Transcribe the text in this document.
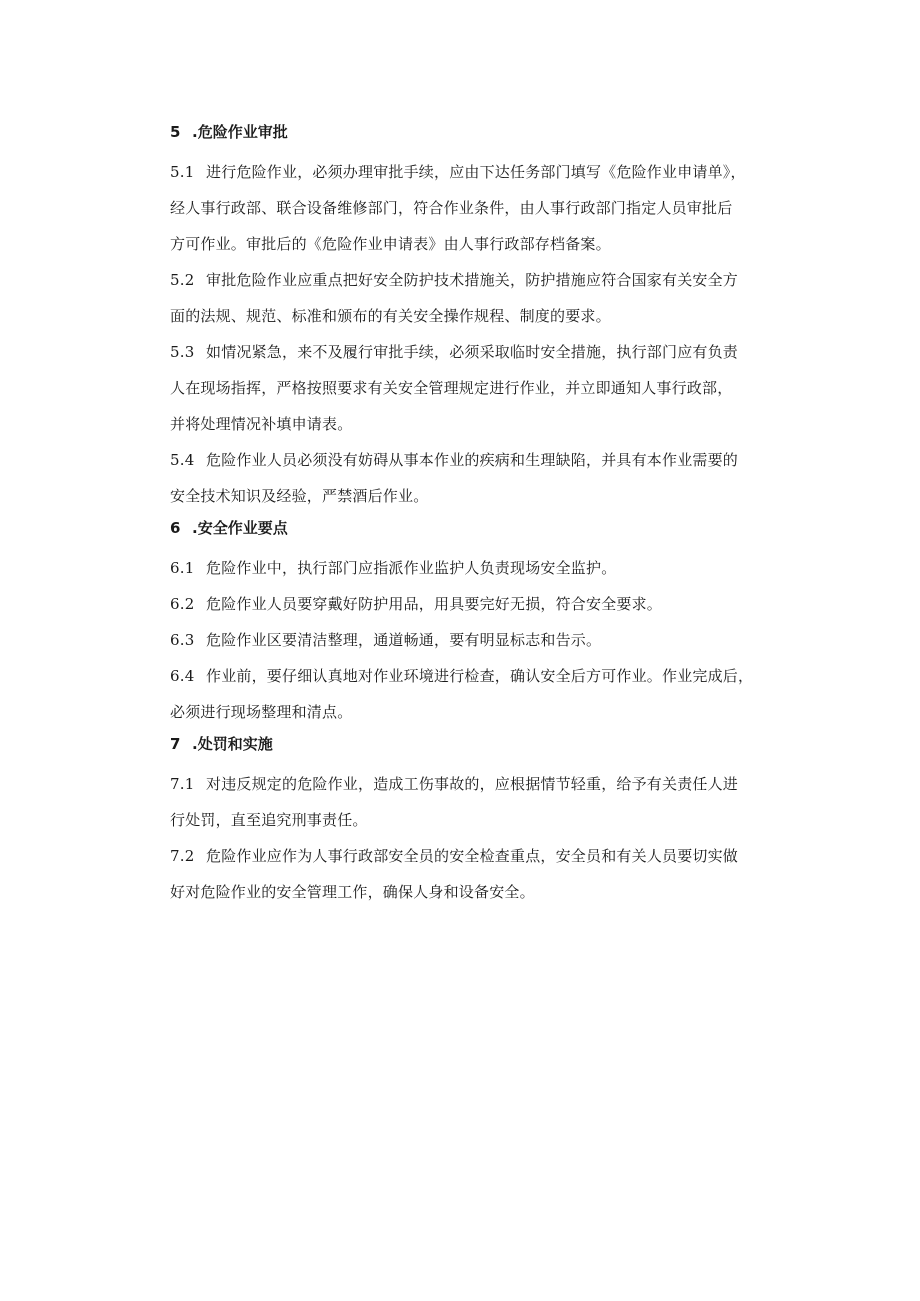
5 .危险作业审批
5.1 进行危险作业，必须办理审批手续，应由下达任务部门填写《危险作业申请单》，
经人事行政部、联合设备维修部门，符合作业条件，由人事行政部门指定人员审批后
方可作业。审批后的《危险作业申请表》由人事行政部存档备案。
5.2 审批危险作业应重点把好安全防护技术措施关，防护措施应符合国家有关安全方
面的法规、规范、标准和颁布的有关安全操作规程、制度的要求。
5.3 如情况紧急，来不及履行审批手续，必须采取临时安全措施，执行部门应有负责
人在现场指挥，严格按照要求有关安全管理规定进行作业，并立即通知人事行政部，
并将处理情况补填申请表。
5.4 危险作业人员必须没有妨碍从事本作业的疾病和生理缺陷，并具有本作业需要的
安全技术知识及经验，严禁酒后作业。
6 .安全作业要点
6.1 危险作业中，执行部门应指派作业监护人负责现场安全监护。
6.2 危险作业人员要穿戴好防护用品，用具要完好无损，符合安全要求。
6.3 危险作业区要清洁整理，通道畅通，要有明显标志和告示。
6.4 作业前，要仔细认真地对作业环境进行检查，确认安全后方可作业。作业完成后，
必须进行现场整理和清点。
7 .处罚和实施
7.1 对违反规定的危险作业，造成工伤事故的，应根据情节轻重，给予有关责任人进
行处罚，直至追究刑事责任。
7.2 危险作业应作为人事行政部安全员的安全检查重点，安全员和有关人员要切实做
好对危险作业的安全管理工作，确保人身和设备安全。
